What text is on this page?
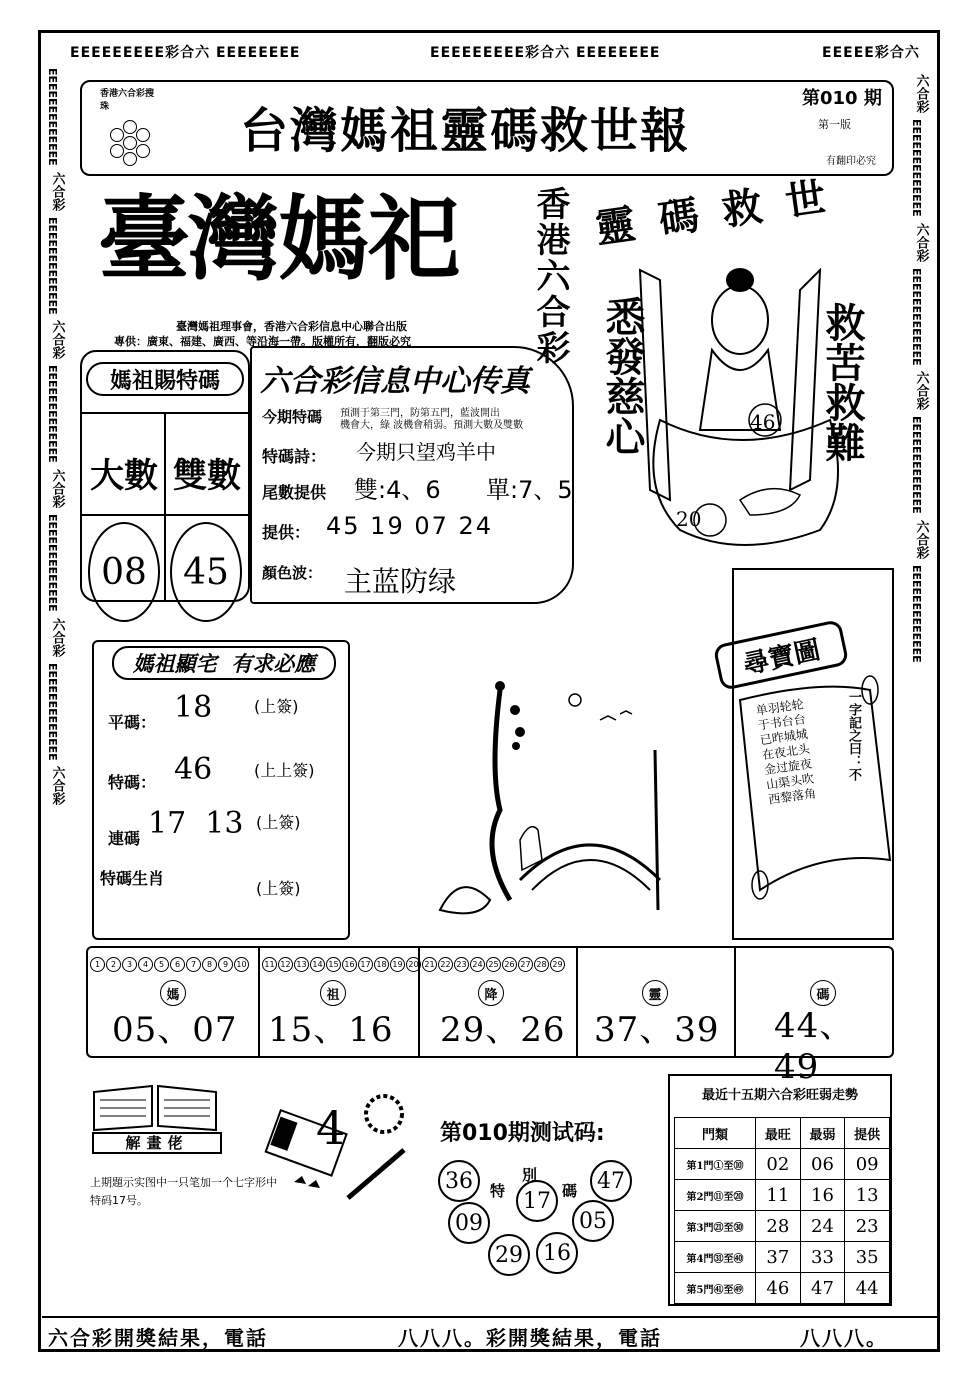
ЕЕЕЕЕЕЕЕЕ彩合六 ЕЕЕЕЕЕЕЕ	ЕЕЕЕЕЕЕЕЕ彩合六 ЕЕЕЕЕЕЕЕ	ЕЕЕЕЕ彩合六
ЕЕЕЕЕЕЕЕЕЕЕЕЕ
六合彩
ЕЕЕЕЕЕЕЕЕЕЕЕЕ
六合彩
ЕЕЕЕЕЕЕЕЕЕЕЕЕ
六合彩
ЕЕЕЕЕЕЕЕЕЕЕЕЕ
六合彩
ЕЕЕЕЕЕЕЕЕЕЕЕЕ
六合彩
六合彩
ЕЕЕЕЕЕЕЕЕЕЕЕЕ
六合彩
ЕЕЕЕЕЕЕЕЕЕЕЕЕ
六合彩
ЕЕЕЕЕЕЕЕЕЕЕЕЕ
六合彩
ЕЕЕЕЕЕЕЕЕЕЕЕЕ
香港六合彩搜珠	台灣媽祖靈碼救世報
第010 期
第一版
有翻印必究
臺灣媽祀 香港六合彩
臺灣媽祖理事會，香港六合彩信息中心聯合出版
專供：廣東、福建、廣西、等沿海一帶。版權所有，翻版必究
靈碼救世
悉發慈心	救苦救難
46
20
媽祖賜特碼
大數 雙數
08	45
六合彩信息中心传真
今期特碼 預測于第三門，防第五門，藍波開出
機會大，綠 波機會稍弱。預測大數及雙數
特碼詩： 今期只望鸡羊中
尾數提供 雙:4、6 單:7、5
提供： 45 19 07 24
顏色波： 主蓝防绿
媽祖顯宅  有求必應
平碼： 18	(上簽)
特碼： 46	(上上簽)
連碼 17  13 (上簽)
特碼生肖
(上簽)
尋寶圖
单羽轮轮
于书台台
已昨城城
在夜北头
金过旋夜
山渠头吹
西黎落角
一字記之曰：不
1 2 3 4 5 6 7 8 9 10
媽
05、07
11 12 13 14 15 16 17 18 19 20
祖
15、16
21 22 23 24 25 26 27 28 29
降
29、26
靈
37、39
碼
44、49
解畫佬
上期題示实图中一只笔加一个七字形中
特码17号。
4	第010期测试码:
36	47
09
17
05
29 16
特
別
碼
最近十五期六合彩旺弱走勢
門類	最旺	最弱	提供
第1門①至⑩	02	06	09
第2門⑪至⑳	11	16	13
第3門㉑至㉚	28	24	23
第4門㉛至㊵	37	33	35
第5門㊶至㊾	46	47	44
六合彩開獎結果，電話	八八八。彩開獎結果，電話	八八八。
